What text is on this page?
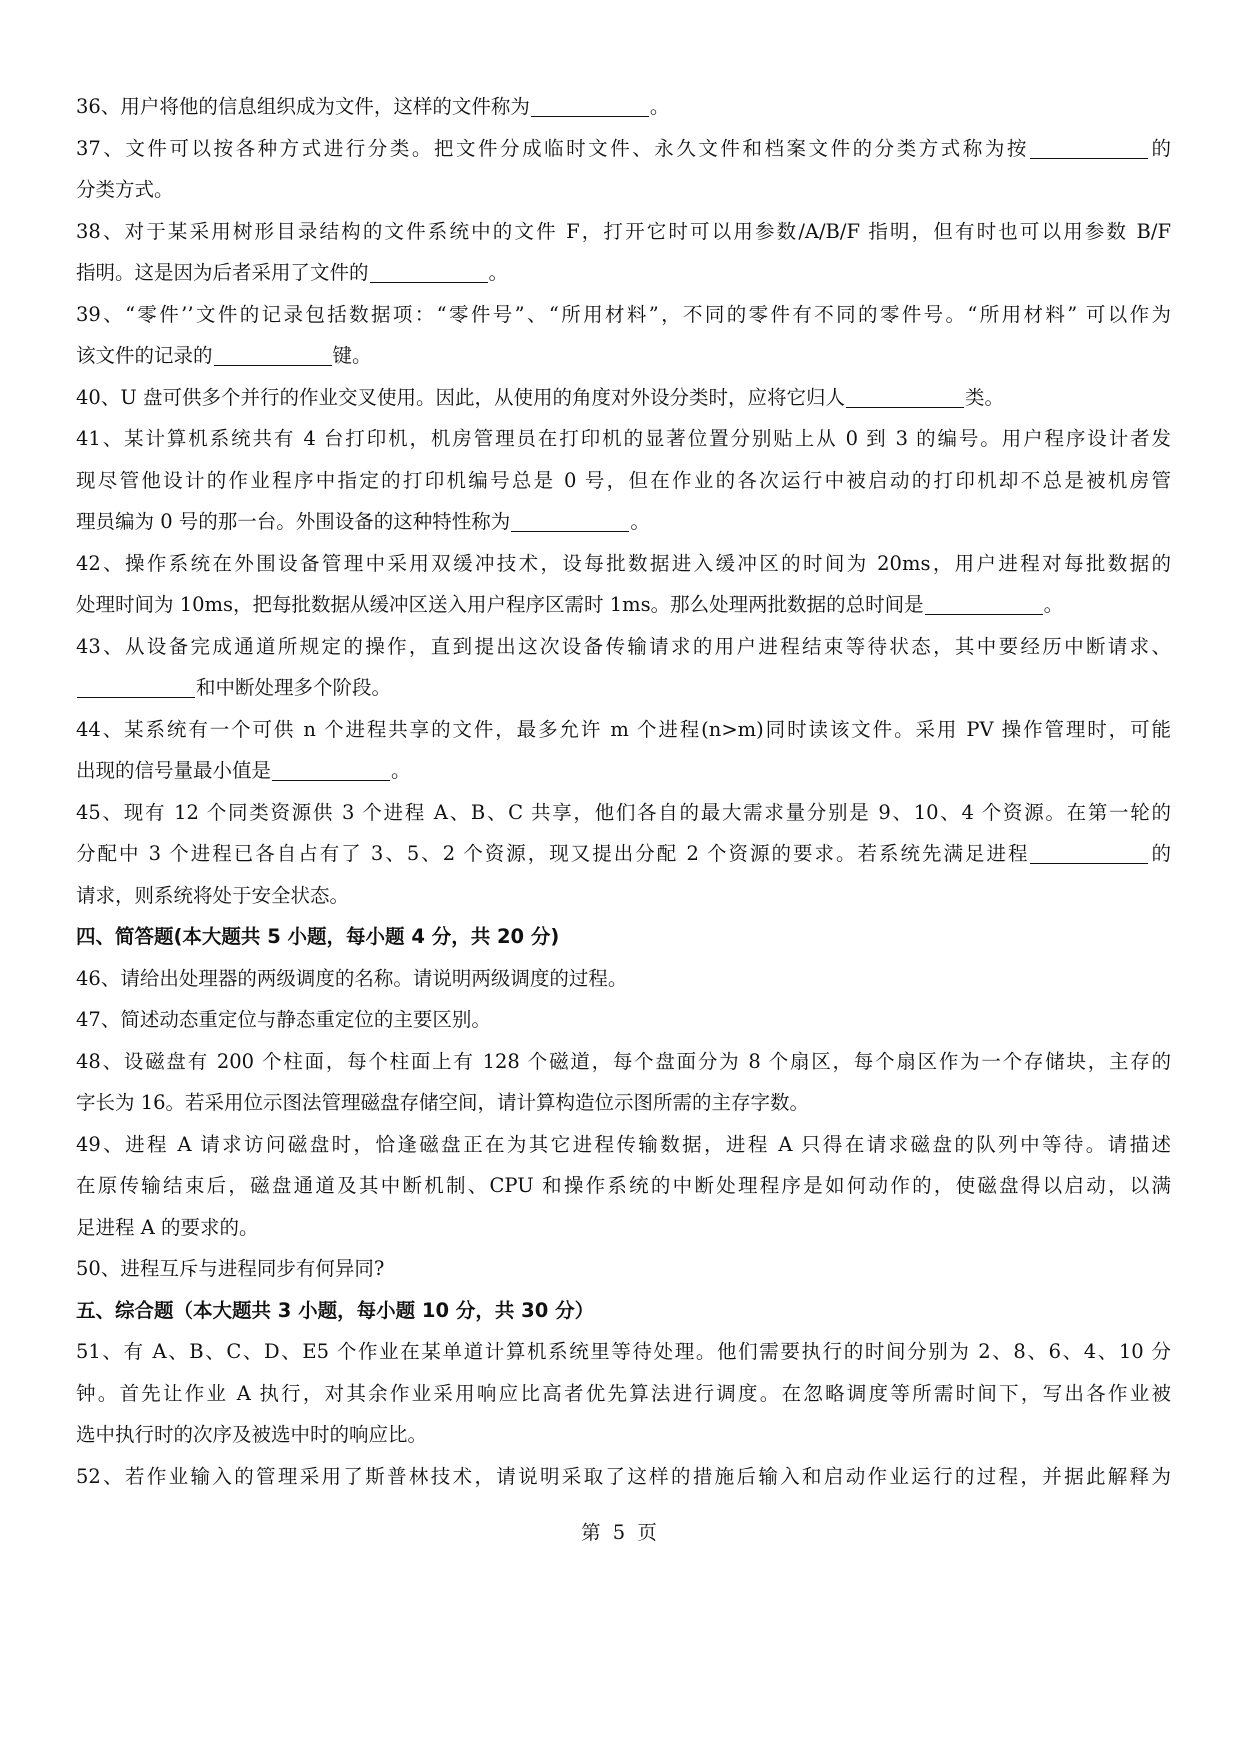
36、用户将他的信息组织成为文件，这样的文件称为	。
37、文件可以按各种方式进行分类。把文件分成临时文件、永久文件和档案文件的分类方式称为按	的
分类方式。
38、对于某采用树形目录结构的文件系统中的文件 F，打开它时可以用参数/A/B/F 指明，但有时也可以用参数 B/F
指明。这是因为后者采用了文件的	。
39、“零件’’文件的记录包括数据项：“零件号”、“所用材料”，不同的零件有不同的零件号。“所用材料” 可以作为
该文件的记录的	键。
40、U 盘可供多个并行的作业交叉使用。因此，从使用的角度对外设分类时，应将它归人	类。
41、某计算机系统共有 4 台打印机，机房管理员在打印机的显著位置分别贴上从 0 到 3 的编号。用户程序设计者发
现尽管他设计的作业程序中指定的打印机编号总是 0 号，但在作业的各次运行中被启动的打印机却不总是被机房管
理员编为 0 号的那一台。外围设备的这种特性称为	。
42、操作系统在外围设备管理中采用双缓冲技术，设每批数据进入缓冲区的时间为 20ms，用户进程对每批数据的
处理时间为 10ms，把每批数据从缓冲区送入用户程序区需时 1ms。那么处理两批数据的总时间是	。
43、从设备完成通道所规定的操作，直到提出这次设备传输请求的用户进程结束等待状态，其中要经历中断请求、
和中断处理多个阶段。
44、某系统有一个可供 n 个进程共享的文件，最多允许 m 个进程(n>m)同时读该文件。采用 PV 操作管理时，可能
出现的信号量最小值是	。
45、现有 12 个同类资源供 3 个进程 A、B、C 共享，他们各自的最大需求量分别是 9、10、4 个资源。在第一轮的
分配中 3 个进程已各自占有了 3、5、2 个资源，现又提出分配 2 个资源的要求。若系统先满足进程	的
请求，则系统将处于安全状态。
四、简答题(本大题共 5 小题，每小题 4 分，共 20 分)
46、请给出处理器的两级调度的名称。请说明两级调度的过程。
47、简述动态重定位与静态重定位的主要区别。
48、设磁盘有 200 个柱面，每个柱面上有 128 个磁道，每个盘面分为 8 个扇区，每个扇区作为一个存储块，主存的
字长为 16。若采用位示图法管理磁盘存储空间，请计算构造位示图所需的主存字数。
49、进程 A 请求访问磁盘时，恰逢磁盘正在为其它进程传输数据，进程 A 只得在请求磁盘的队列中等待。请描述
在原传输结束后，磁盘通道及其中断机制、CPU 和操作系统的中断处理程序是如何动作的，使磁盘得以启动，以满
足进程 A 的要求的。
50、进程互斥与进程同步有何异同?
五、综合题（本大题共 3 小题，每小题 10 分，共 30 分）
51、有 A、B、C、D、E5 个作业在某单道计算机系统里等待处理。他们需要执行的时间分别为 2、8、6、4、10 分
钟。首先让作业 A 执行，对其余作业采用响应比高者优先算法进行调度。在忽略调度等所需时间下，写出各作业被
选中执行时的次序及被选中时的响应比。
52、若作业输入的管理采用了斯普林技术，请说明采取了这样的措施后输入和启动作业运行的过程，并据此解释为
第 5 页
